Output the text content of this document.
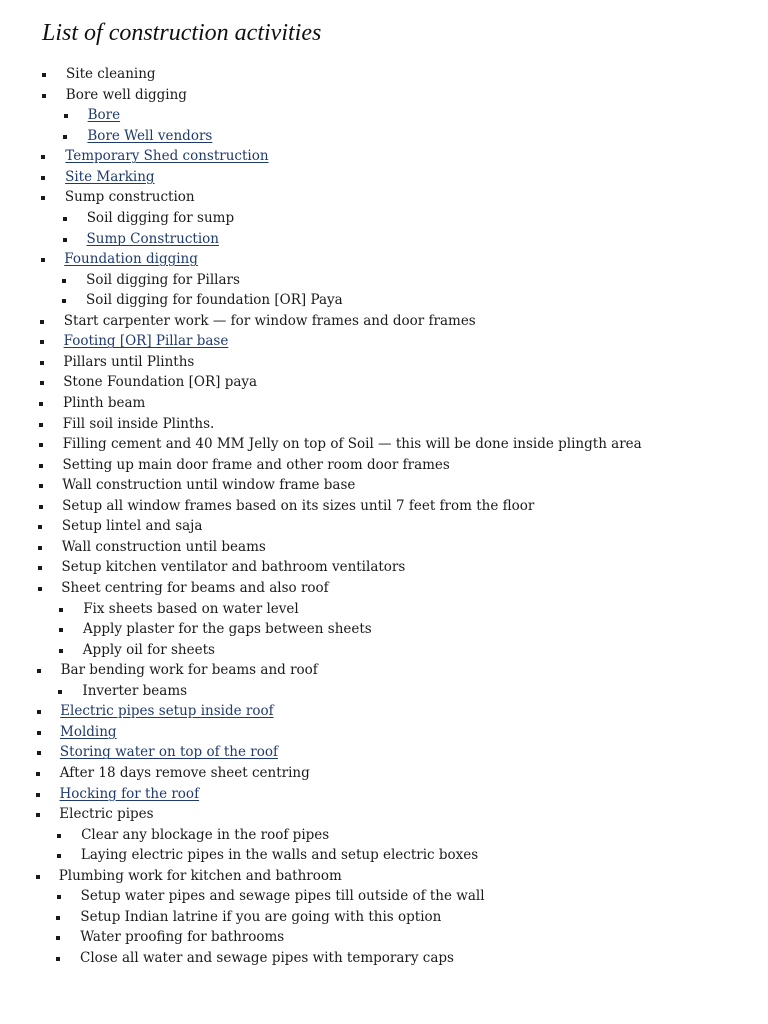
List of construction activities
Site cleaning
Bore well digging
Bore
Bore Well vendors
Temporary Shed construction
Site Marking
Sump construction
Soil digging for sump
Sump Construction
Foundation digging
Soil digging for Pillars
Soil digging for foundation [OR] Paya
Start carpenter work — for window frames and door frames
Footing [OR] Pillar base
Pillars until Plinths
Stone Foundation [OR] paya
Plinth beam
Fill soil inside Plinths.
Filling cement and 40 MM Jelly on top of Soil — this will be done inside plingth area
Setting up main door frame and other room door frames
Wall construction until window frame base
Setup all window frames based on its sizes until 7 feet from the floor
Setup lintel and saja
Wall construction until beams
Setup kitchen ventilator and bathroom ventilators
Sheet centring for beams and also roof
Fix sheets based on water level
Apply plaster for the gaps between sheets
Apply oil for sheets
Bar bending work for beams and roof
Inverter beams
Electric pipes setup inside roof
Molding
Storing water on top of the roof
After 18 days remove sheet centring
Hocking for the roof
Electric pipes
Clear any blockage in the roof pipes
Laying electric pipes in the walls and setup electric boxes
Plumbing work for kitchen and bathroom
Setup water pipes and sewage pipes till outside of the wall
Setup Indian latrine if you are going with this option
Water proofing for bathrooms
Close all water and sewage pipes with temporary caps
